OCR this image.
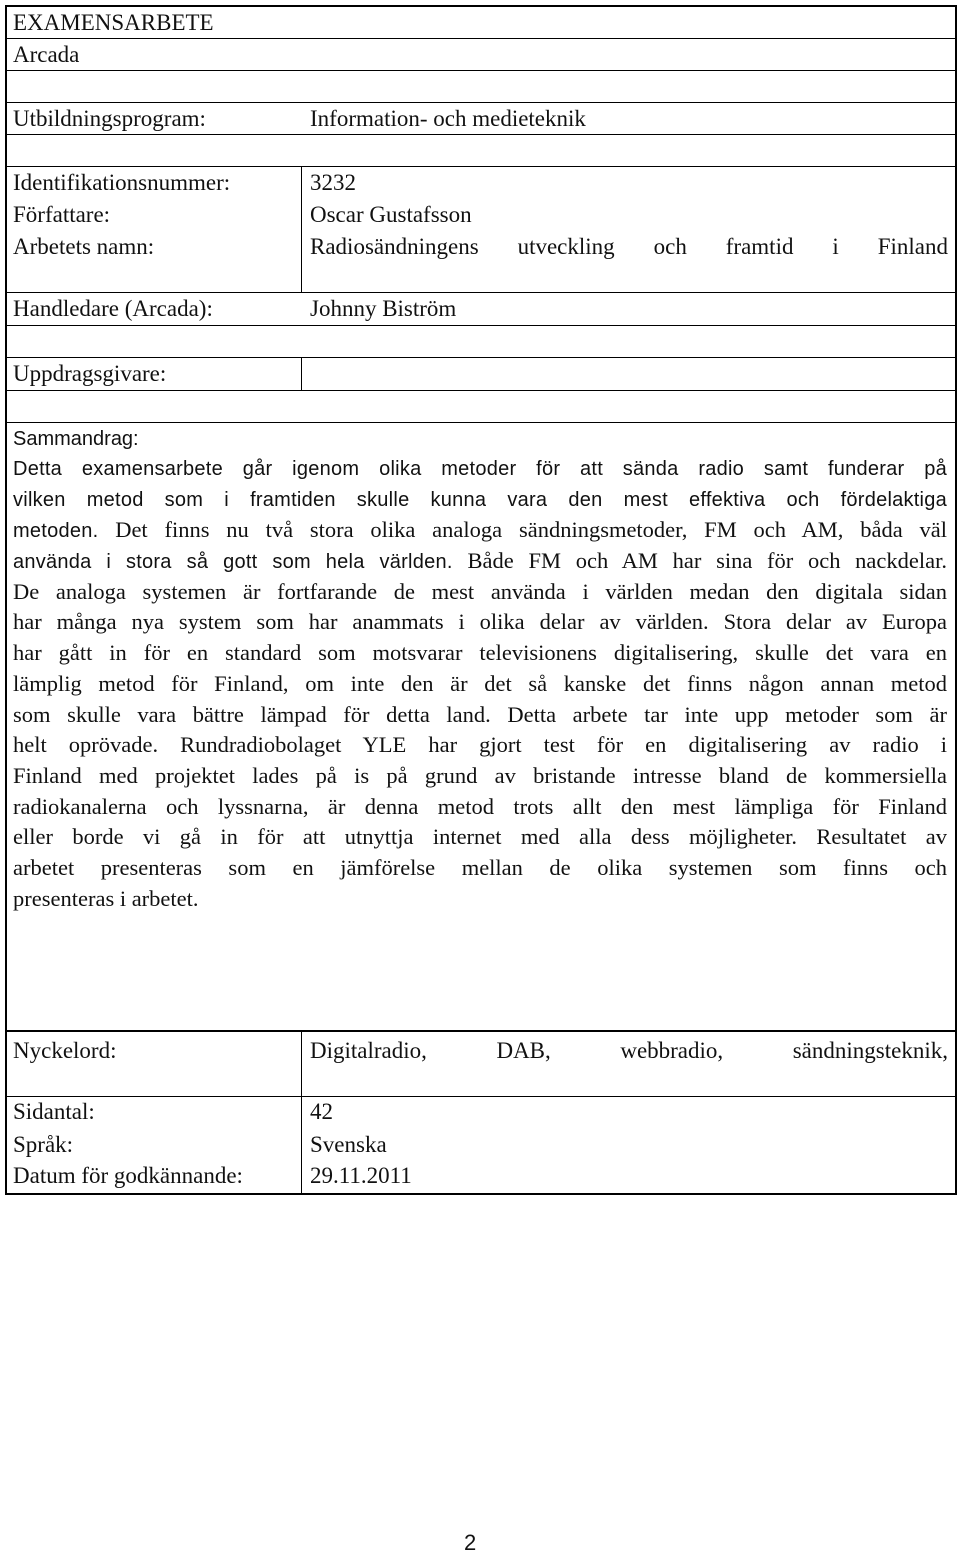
EXAMENSARBETE
Arcada
Utbildningsprogram:	Information- och medieteknik
Identifikationsnummer:	3232
Författare:	Oscar Gustafsson
Arbetets namn:	Radiosändningens utveckling och framtid i Finland
Handledare (Arcada):	Johnny Biström
Uppdragsgivare:
Sammandrag:
Detta examensarbete går igenom olika metoder för att sända radio samt funderar på
vilken metod som i framtiden skulle kunna vara den mest effektiva och fördelaktiga
metoden. Det finns nu två stora olika analoga sändningsmetoder, FM och AM, båda väl
använda i stora så gott som hela världen. Både FM och AM har sina för och nackdelar.
De analoga systemen är fortfarande de mest använda i världen medan den digitala sidan
har många nya system som har anammats i olika delar av världen. Stora delar av Europa
har gått in för en standard som motsvarar televisionens digitalisering, skulle det vara en
lämplig metod för Finland, om inte den är det så kanske det finns någon annan metod
som skulle vara bättre lämpad för detta land. Detta arbete tar inte upp metoder som är
helt oprövade. Rundradiobolaget YLE har gjort test för en digitalisering av radio i
Finland med projektet lades på is på grund av bristande intresse bland de kommersiella
radiokanalerna och lyssnarna, är denna metod trots allt den mest lämpliga för Finland
eller borde vi gå in för att utnyttja internet med alla dess möjligheter. Resultatet av
arbetet presenteras som en jämförelse mellan de olika systemen som finns och
presenteras i arbetet.
Nyckelord:	Digitalradio,	DAB,	webbradio,	sändningsteknik,
Sidantal:	42
Språk:	Svenska
Datum för godkännande:	29.11.2011
2
